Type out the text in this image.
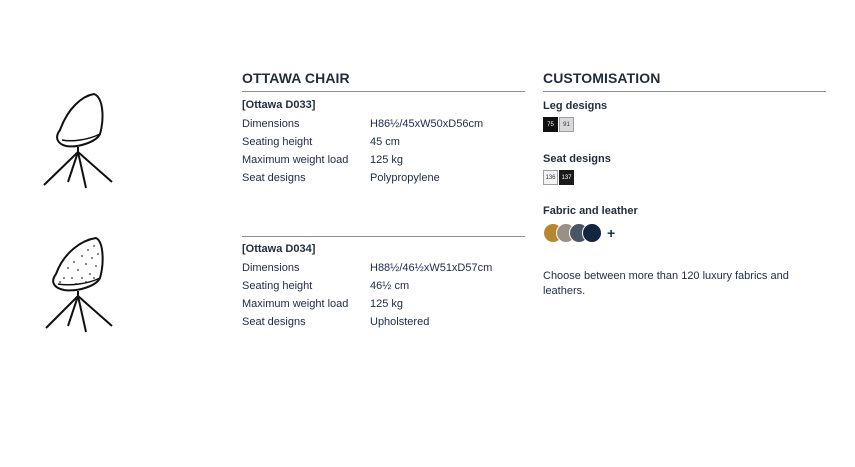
OTTAWA CHAIR

[Ottawa D033]

Dimensions	H86½/45xW50xD56cm
Seating height	45 cm
Maximum weight load	125 kg
Seat designs	Polypropylene

[Ottawa D034]

Dimensions	H88½/46½xW51xD57cm
Seating height	46½ cm
Maximum weight load	125 kg
Seat designs	Upholstered
CUSTOMISATION

Leg designs

75	91

Seat designs

136 137

Fabric and leather

+

Choose between more than 120 luxury fabrics and leathers.
